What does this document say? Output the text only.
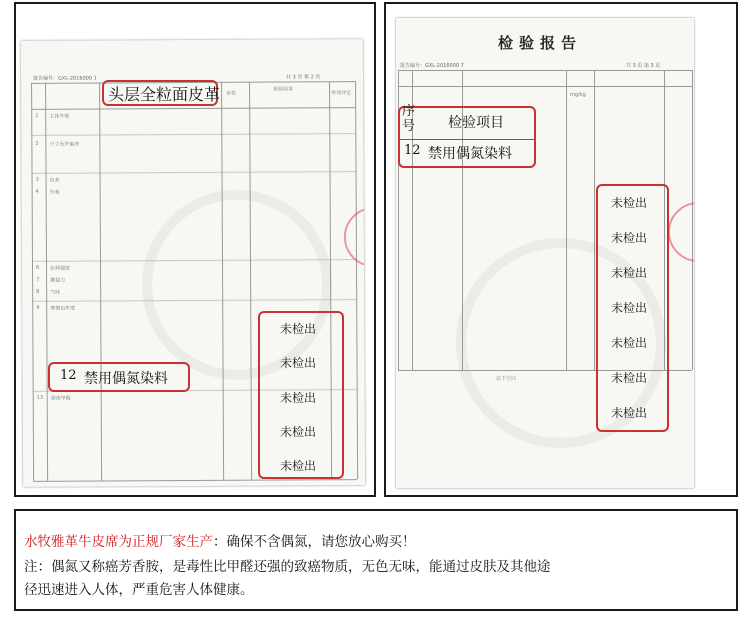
报告编号：GXL-2016000 1	共 3 页 第 2 页
单位
检验结果
单项评定
1 主体外观
2 尺寸允许偏差
3 色差
4 外观
6 拉伸强度
7 撕裂力
8 气味
9 摩擦色牢度
13 游离甲醛
头层全粒面皮革
12 禁用偶氮染料
未检出
未检出
未检出
未检出
未检出
报告编号：GXL-2016000 7	共 3 页 第 3 页
mg/kg
以下空白
检验报告
序号 检验项目
12 禁用偶氮染料
未检出
未检出
未检出
未检出
未检出
未检出
未检出
水牧雅革牛皮席为正规厂家生产：确保不含偶氮，请您放心购买！
注：偶氮又称癌芳香胺，是毒性比甲醛还强的致癌物质，无色无味，能通过皮肤及其他途
径迅速进入人体，严重危害人体健康。
